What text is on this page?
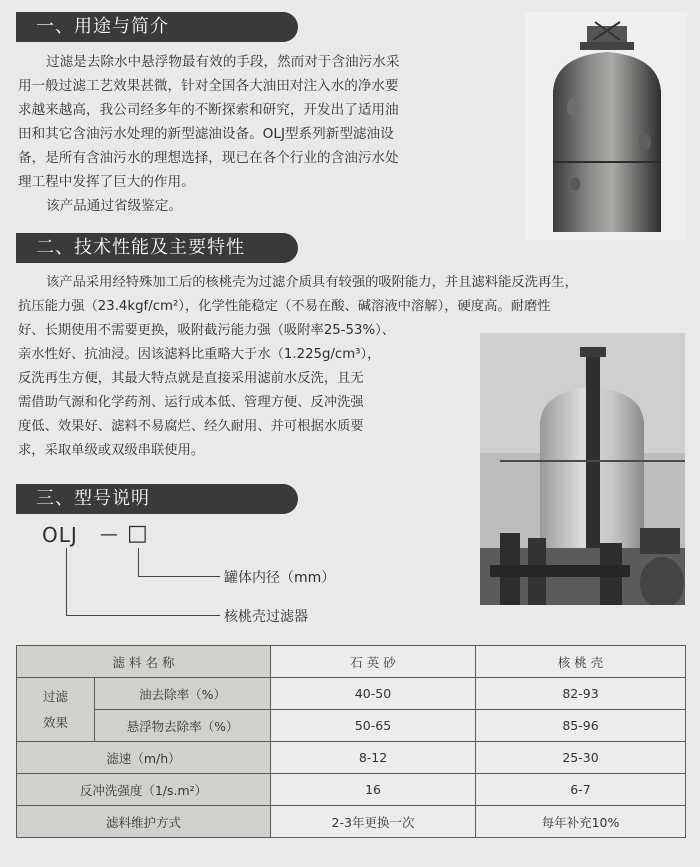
一、用途与简介
过滤是去除水中悬浮物最有效的手段，然而对于含油污水采
用一般过滤工艺效果甚微，针对全国各大油田对注入水的净水要
求越来越高，我公司经多年的不断探索和研究，开发出了适用油
田和其它含油污水处理的新型滤油设备。OLJ型系列新型滤油设
备，是所有含油污水的理想选择，现已在各个行业的含油污水处
理工程中发挥了巨大的作用。
该产品通过省级鉴定。
二、技术性能及主要特性
该产品采用经特殊加工后的核桃壳为过滤介质具有较强的吸附能力，并且滤料能反洗再生，
抗压能力强（23.4kgf/cm²），化学性能稳定（不易在酸、碱溶液中溶解），硬度高。耐磨性
好、长期使用不需要更换，吸附截污能力强（吸附率25-53%）、
亲水性好、抗油浸。因该滤料比重略大于水（1.225g/cm³），
反洗再生方便，其最大特点就是直接采用滤前水反洗，且无
需借助气源和化学药剂、运行成本低、管理方便、反冲洗强
度低、效果好、滤料不易腐烂、经久耐用、并可根据水质要
求，采取单级或双级串联使用。
三、型号说明
OLJ — □
罐体内径（mm）
核桃壳过滤器
滤 料 名 称		石 英 砂	核 桃 壳
过滤
效果	油去除率（%）	40-50	82-93
	悬浮物去除率（%）	50-65	85-96
滤速（m/h）		8-12	25-30
反冲洗强度（1/s.m²）		16	6-7
滤料维护方式		2-3年更换一次	每年补充10%
